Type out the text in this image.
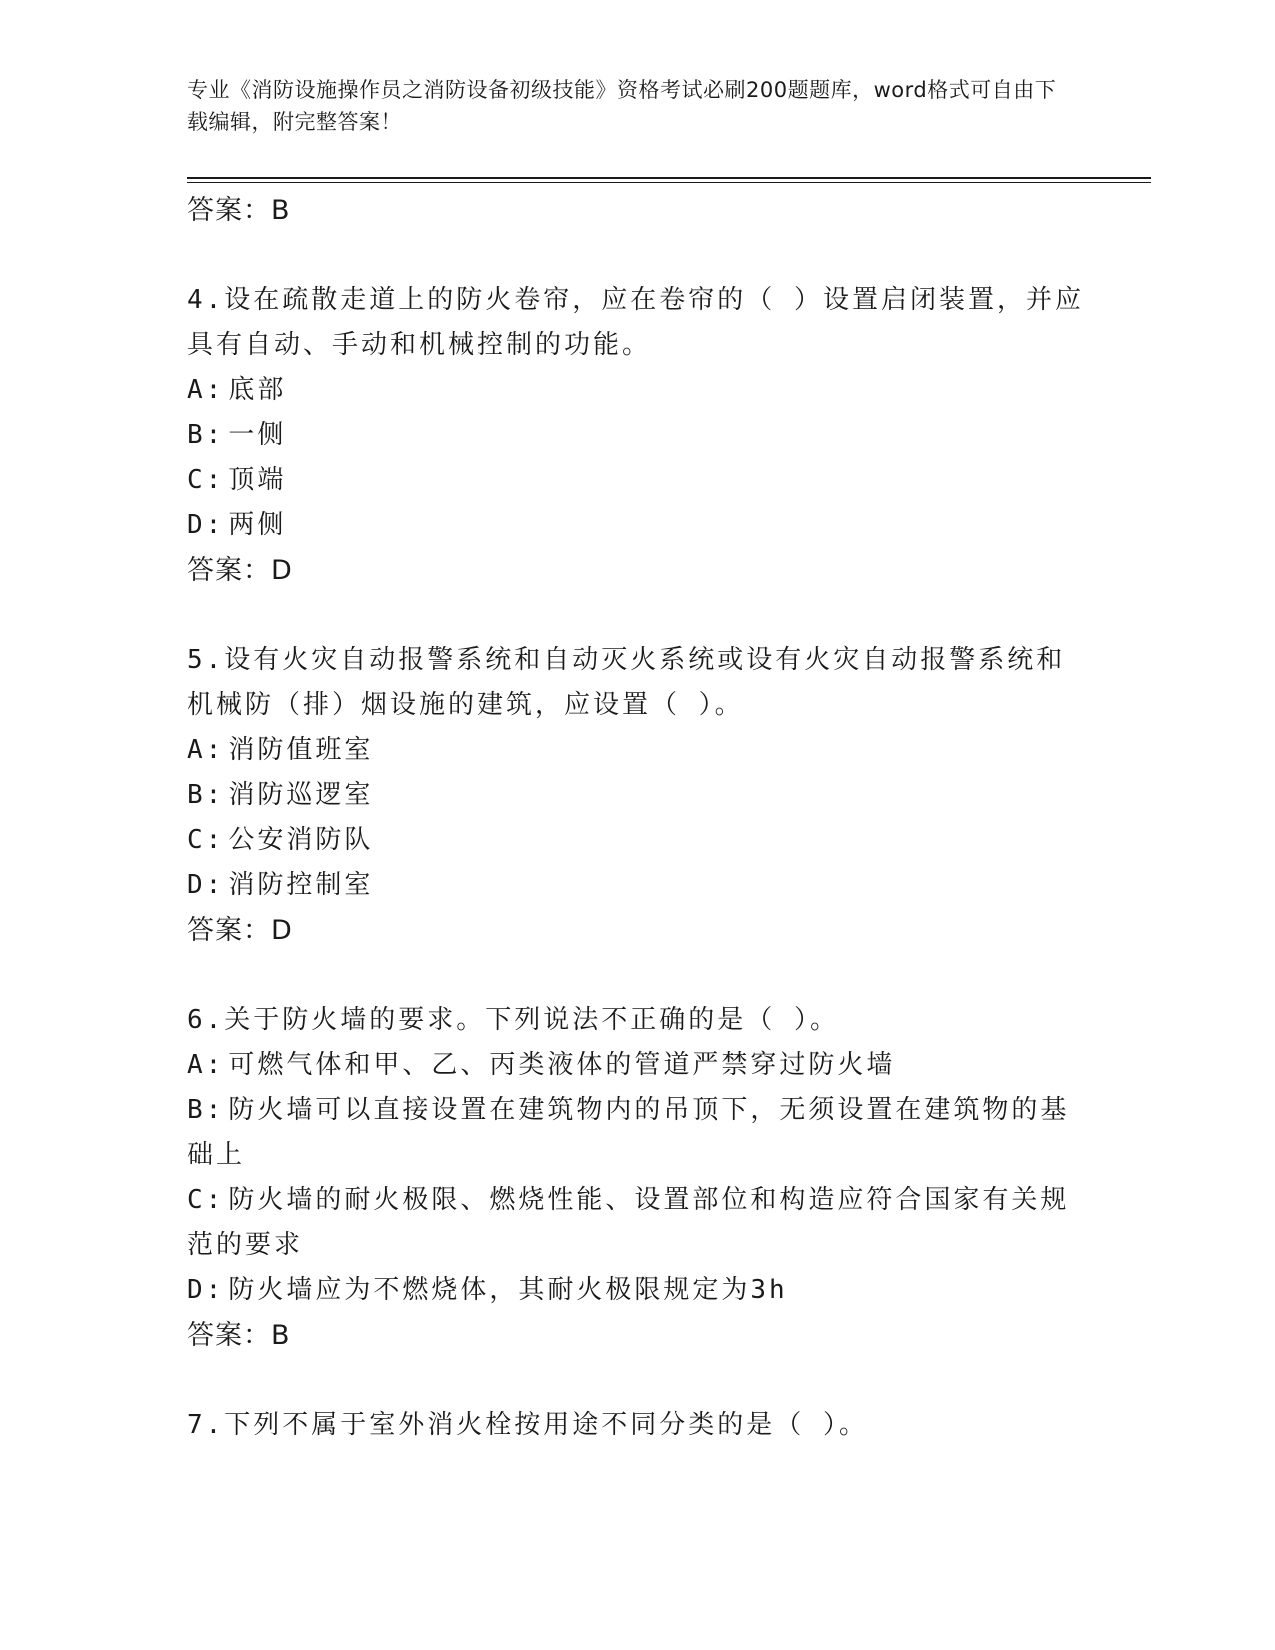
专业《消防设施操作员之消防设备初级技能》资格考试必刷200题题库，word格式可自由下载编辑，附完整答案！
答案：B
4.设在疏散走道上的防火卷帘，应在卷帘的（ ）设置启闭装置，并应具有自动、手动和机械控制的功能。
A: 底部
B: 一侧
C: 顶端
D: 两侧
答案：D
5.设有火灾自动报警系统和自动灭火系统或设有火灾自动报警系统和机械防（排）烟设施的建筑，应设置（ ）。
A: 消防值班室
B: 消防巡逻室
C: 公安消防队
D: 消防控制室
答案：D
6.关于防火墙的要求。下列说法不正确的是（ ）。
A: 可燃气体和甲、乙、丙类液体的管道严禁穿过防火墙
B: 防火墙可以直接设置在建筑物内的吊顶下，无须设置在建筑物的基础上
C: 防火墙的耐火极限、燃烧性能、设置部位和构造应符合国家有关规范的要求
D: 防火墙应为不燃烧体，其耐火极限规定为3h
答案：B
7.下列不属于室外消火栓按用途不同分类的是（ ）。
